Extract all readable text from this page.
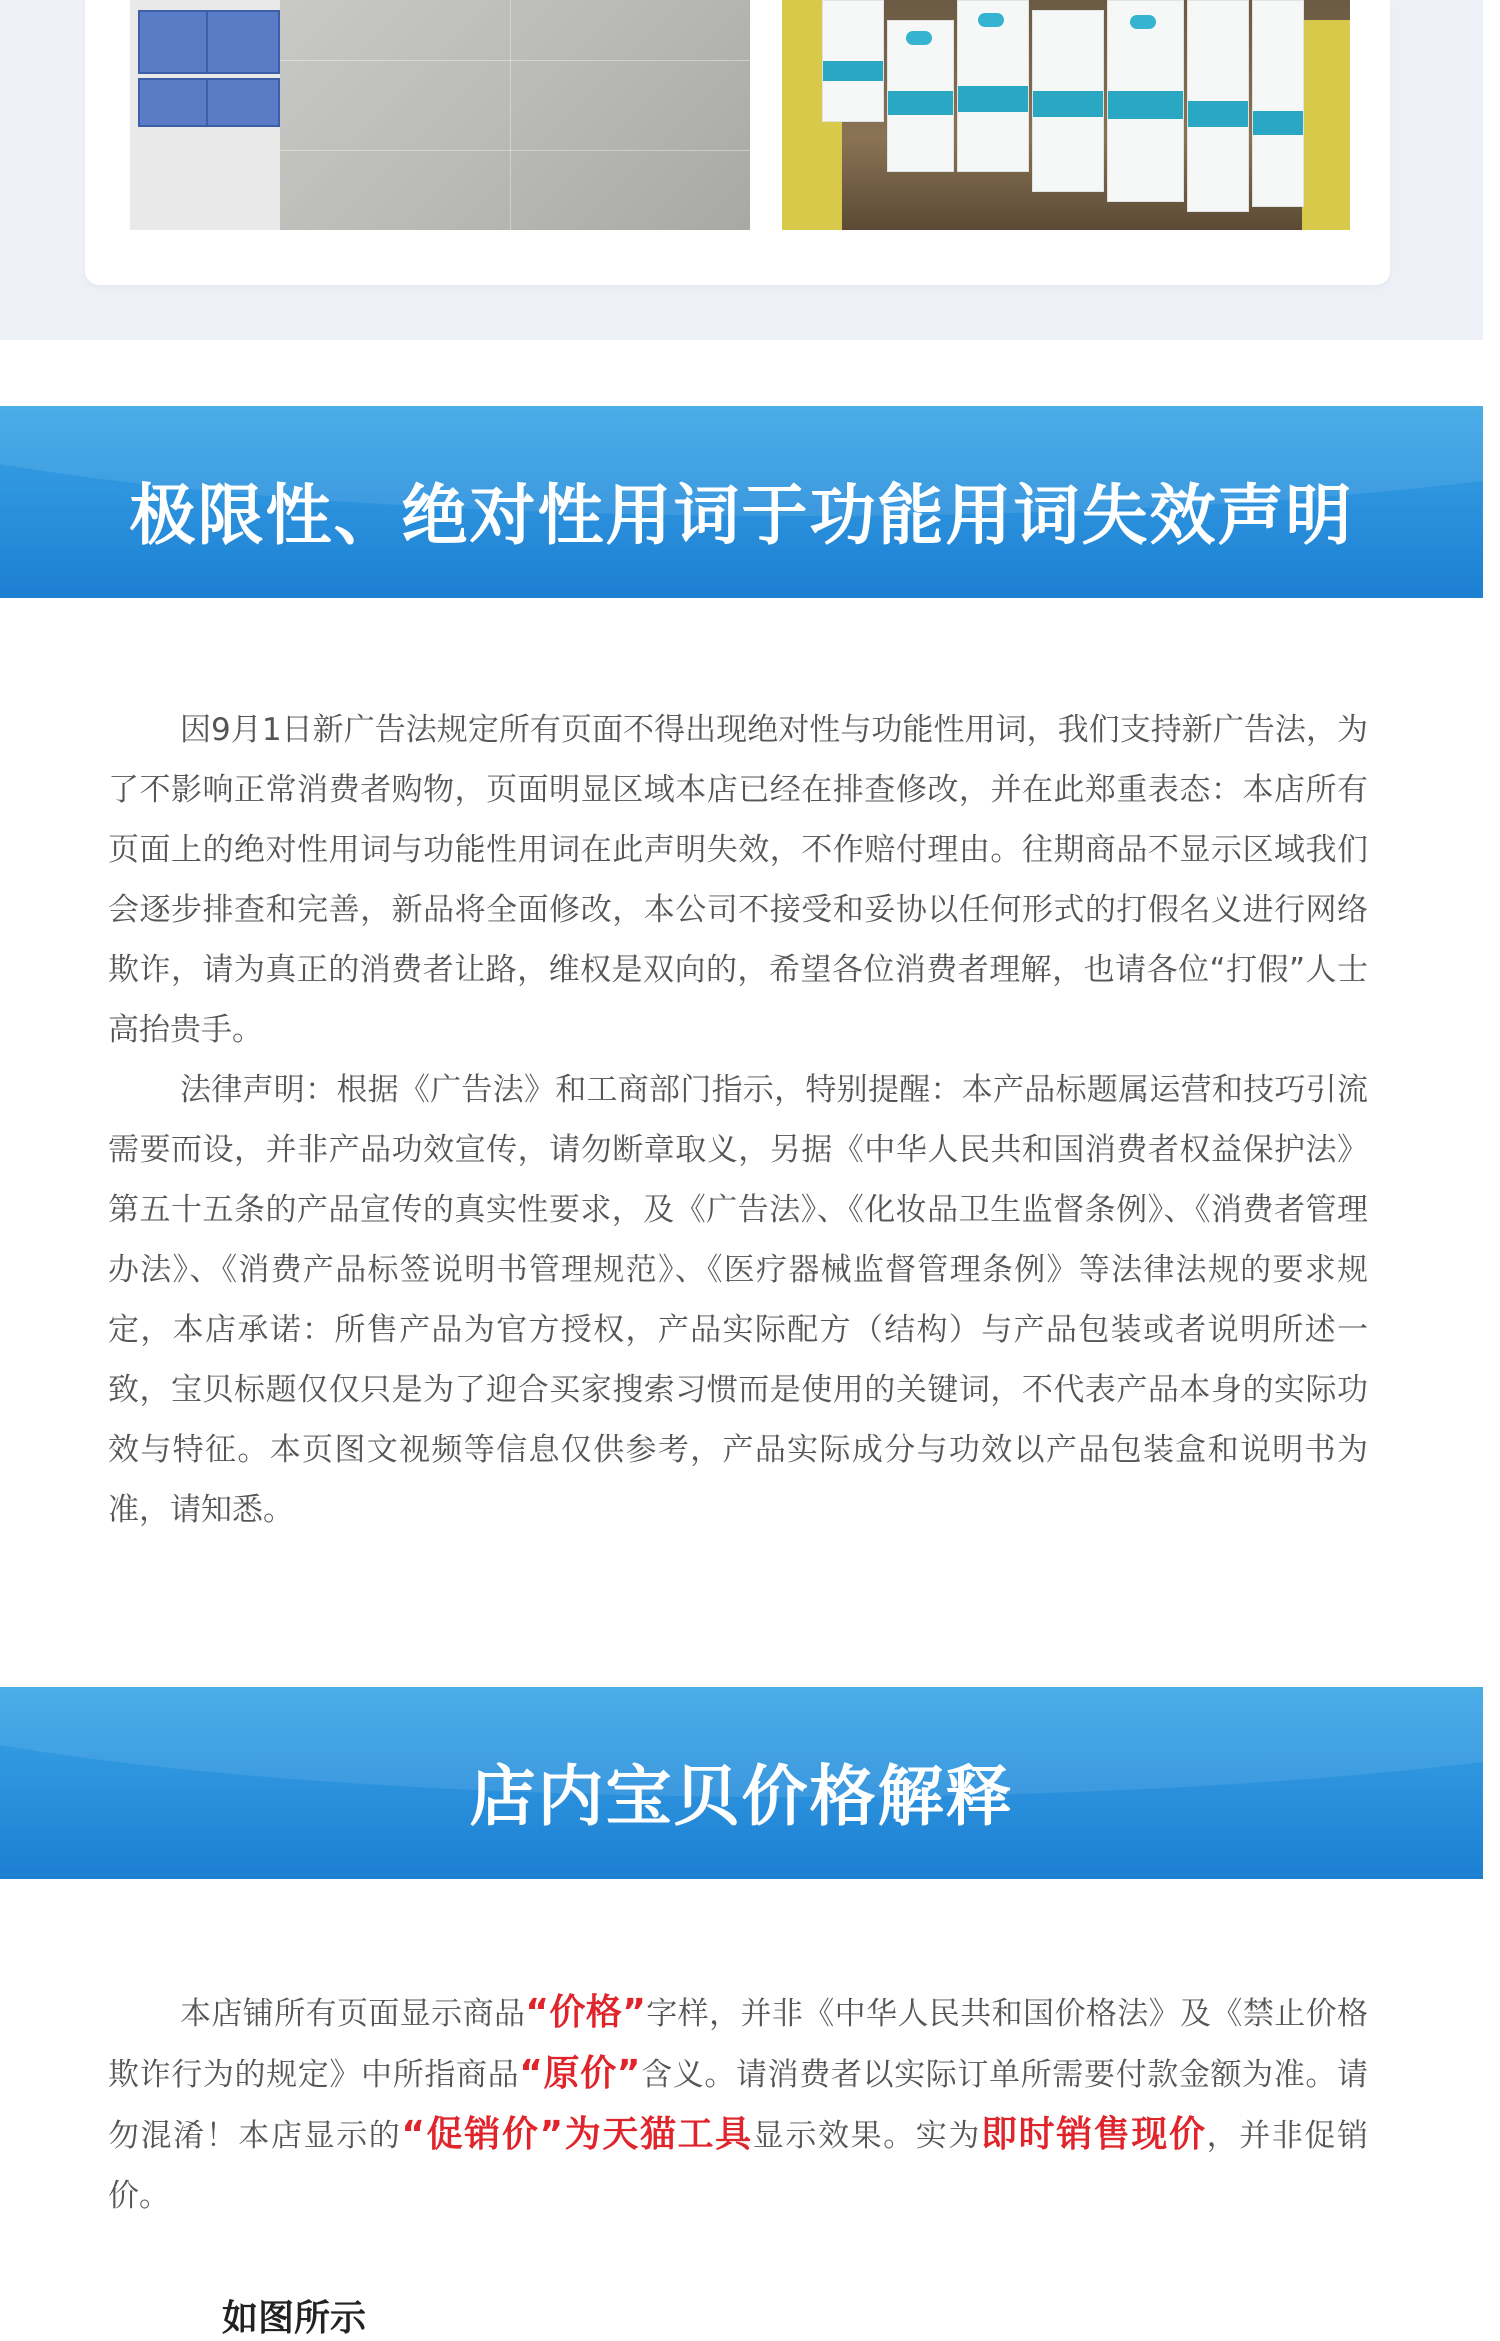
极限性、绝对性用词于功能用词失效声明

因9月1日新广告法规定所有页面不得出现绝对性与功能性用词，我们支持新广告法，为了不影响正常消费者购物，页面明显区域本店已经在排查修改，并在此郑重表态：本店所有页面上的绝对性用词与功能性用词在此声明失效，不作赔付理由。往期商品不显示区域我们会逐步排查和完善，新品将全面修改，本公司不接受和妥协以任何形式的打假名义进行网络欺诈，请为真正的消费者让路，维权是双向的，希望各位消费者理解，也请各位“打假”人士高抬贵手。

法律声明：根据《广告法》和工商部门指示，特别提醒：本产品标题属运营和技巧引流需要而设，并非产品功效宣传，请勿断章取义，另据《中华人民共和国消费者权益保护法》第五十五条的产品宣传的真实性要求，及《广告法》、《化妆品卫生监督条例》、《消费者管理办法》、《消费产品标签说明书管理规范》、《医疗器械监督管理条例》等法律法规的要求规定，本店承诺：所售产品为官方授权，产品实际配方（结构）与产品包装或者说明所述一致，宝贝标题仅仅只是为了迎合买家搜索习惯而是使用的关键词，不代表产品本身的实际功效与特征。本页图文视频等信息仅供参考，产品实际成分与功效以产品包装盒和说明书为准，请知悉。

店内宝贝价格解释

本店铺所有页面显示商品“价格”字样，并非《中华人民共和国价格法》及《禁止价格欺诈行为的规定》中所指商品“原价”含义。请消费者以实际订单所需要付款金额为准。请勿混淆！本店显示的“促销价”为天猫工具显示效果。实为即时销售现价，并非促销价。

如图所示
